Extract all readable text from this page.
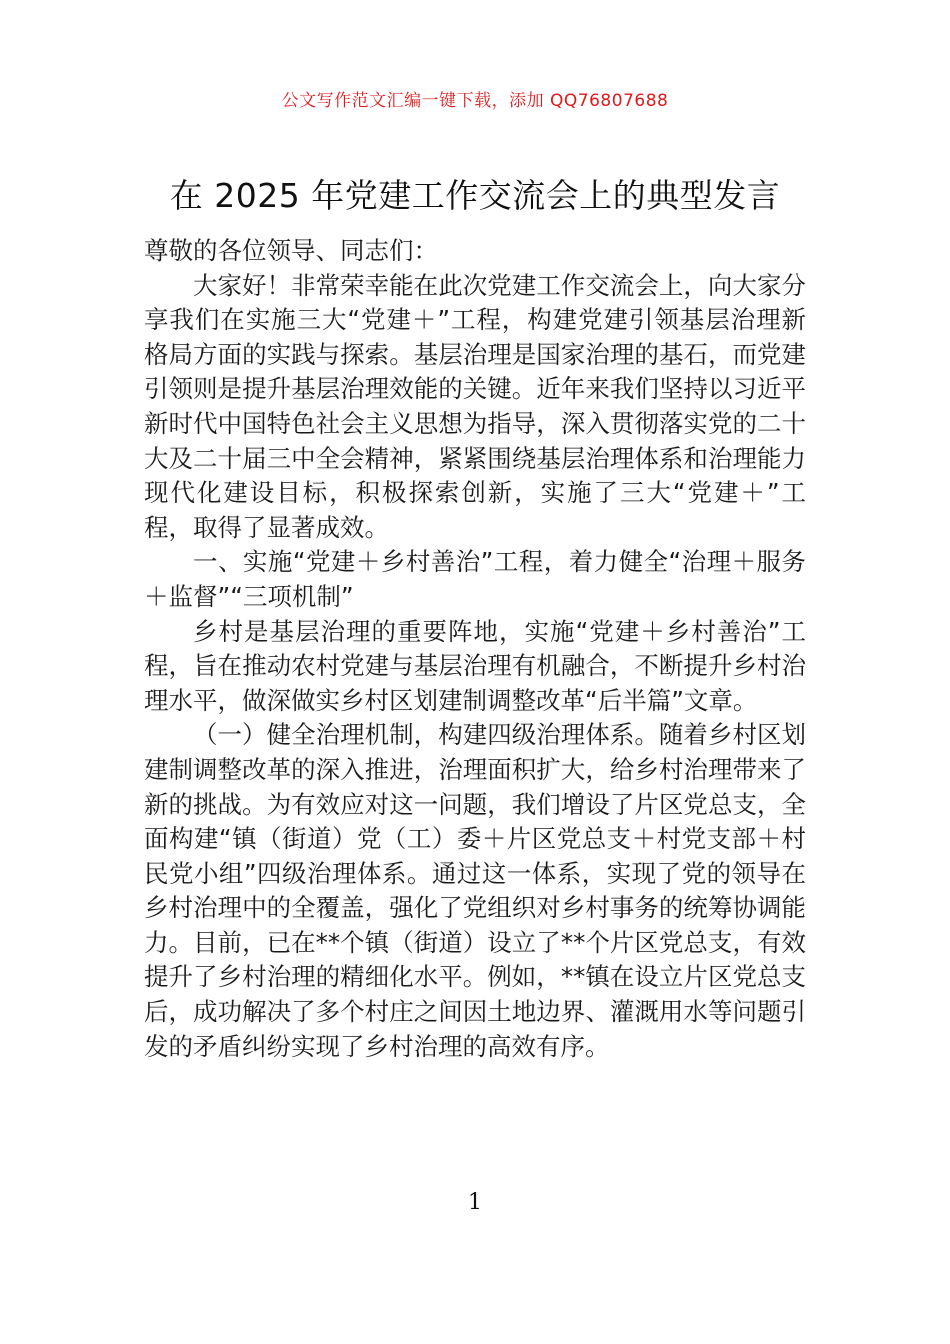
公文写作范文汇编一键下载，添加 QQ76807688
在 2025 年党建工作交流会上的典型发言

尊敬的各位领导、同志们：

大家好！非常荣幸能在此次党建工作交流会上，向大家分享我们在实施三大“党建＋”工程，构建党建引领基层治理新格局方面的实践与探索。基层治理是国家治理的基石，而党建引领则是提升基层治理效能的关键。近年来我们坚持以习近平新时代中国特色社会主义思想为指导，深入贯彻落实党的二十大及二十届三中全会精神，紧紧围绕基层治理体系和治理能力现代化建设目标，积极探索创新，实施了三大“党建＋”工程，取得了显著成效。

一、实施“党建＋乡村善治”工程，着力健全“治理＋服务＋监督”“三项机制”

乡村是基层治理的重要阵地，实施“党建＋乡村善治”工程，旨在推动农村党建与基层治理有机融合，不断提升乡村治理水平，做深做实乡村区划建制调整改革“后半篇”文章。

（一）健全治理机制，构建四级治理体系。随着乡村区划建制调整改革的深入推进，治理面积扩大，给乡村治理带来了新的挑战。为有效应对这一问题，我们增设了片区党总支，全面构建“镇（街道）党（工）委＋片区党总支＋村党支部＋村民党小组”四级治理体系。通过这一体系，实现了党的领导在乡村治理中的全覆盖，强化了党组织对乡村事务的统筹协调能力。目前，已在**个镇（街道）设立了**个片区党总支，有效提升了乡村治理的精细化水平。例如，**镇在设立片区党总支后，成功解决了多个村庄之间因土地边界、灌溉用水等问题引发的矛盾纠纷实现了乡村治理的高效有序。

1
